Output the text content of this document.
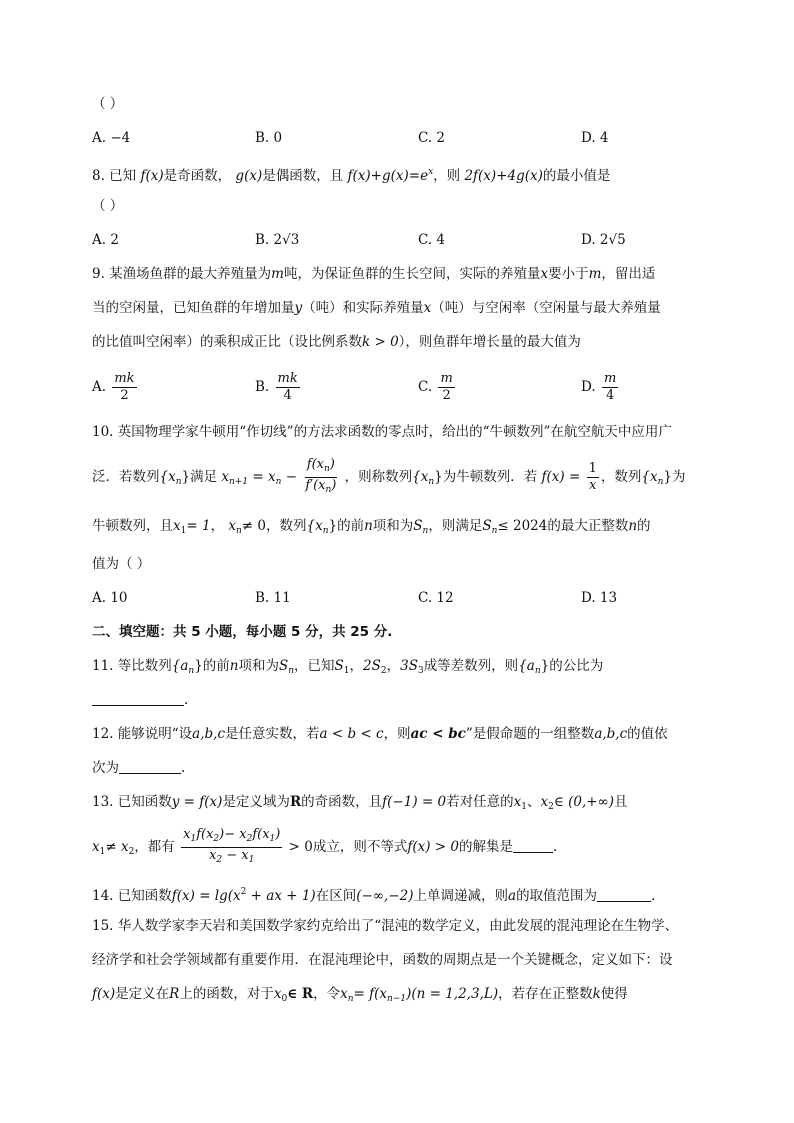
（ ）
A. −4	B. 0	C. 2	D. 4
8. 已知 f(x)是奇函数， g(x)是偶函数，且 $f(x)+g(x)=e^x$，则 2f(x)+4g(x)的最小值是
（ ）
A. 2	B. 2√3	C. 4	D. 2√5
9. 某渔场鱼群的最大养殖量为m吨，为保证鱼群的生长空间，实际的养殖量x要小于m，留出适
当的空闲量，已知鱼群的年增加量y（吨）和实际养殖量x（吨）与空闲率（空闲量与最大养殖量
的比值叫空闲率）的乘积成正比（设比例系数k > 0），则鱼群年增长量的最大值为
A. $\frac{mk}{2}$	B. $\frac{mk}{4}$	C. $\frac{m}{2}$	D. $\frac{m}{4}$
10. 英国物理学家牛顿用“作切线”的方法求函数的零点时，给出的“牛顿数列”在航空航天中应用广
泛．若数列$\{x_n\}$满足 $x_{n+1} = x_n - \frac{f(x_n)}{f'(x_n)}$ ，则称数列$\{x_n\}$为牛顿数列．若 $f(x) = \frac{1}{x}$ ，数列$\{x_n\}$为
牛顿数列，且$x_1= 1$， $x_n\ne 0$，数列$\{x_n\}$的前n项和为$S_n$，则满足$S_n\le 2024$的最大正整数n的
值为（ ）
A. 10	B. 11	C. 12	D. 13
二、填空题：共 5 小题，每小题 5 分，共 25 分.
11. 等比数列$\{a_n\}$的前n项和为$S_n$，已知$S_1$，$2S_2$，$3S_3$成等差数列，则$\{a_n\}$的公比为
.
12. 能够说明“设a,b,c是任意实数，若a < b < c，则ac < bc”是假命题的一组整数a,b,c的值依
次为	.
13. 已知函数y = f(x)是定义域为R的奇函数，且f(−1) = 0若对任意的$x_1$、$x_2\in$ (0,+∞)且
$x_1\ne x_2$，都有 $\frac{x_1f(x_2)- x_2f(x_1)}{x_2 - x_1} > 0$成立，则不等式f(x) > 0的解集是	.
14. 已知函数$f(x) = \lg(x^2$ + ax + 1)在区间(−∞,−2)上单调递减，则a的取值范围为	.
15. 华人数学家李天岩和美国数学家约克给出了“混沌的数学定义，由此发展的混沌理论在生物学、
经济学和社会学领域都有重要作用．在混沌理论中，函数的周期点是一个关键概念，定义如下：设
f(x)是定义在R上的函数，对于$x_0\in$ R，令$x_n= f(x_{n-1})(n = 1,2,3,L)$，若存在正整数k使得
